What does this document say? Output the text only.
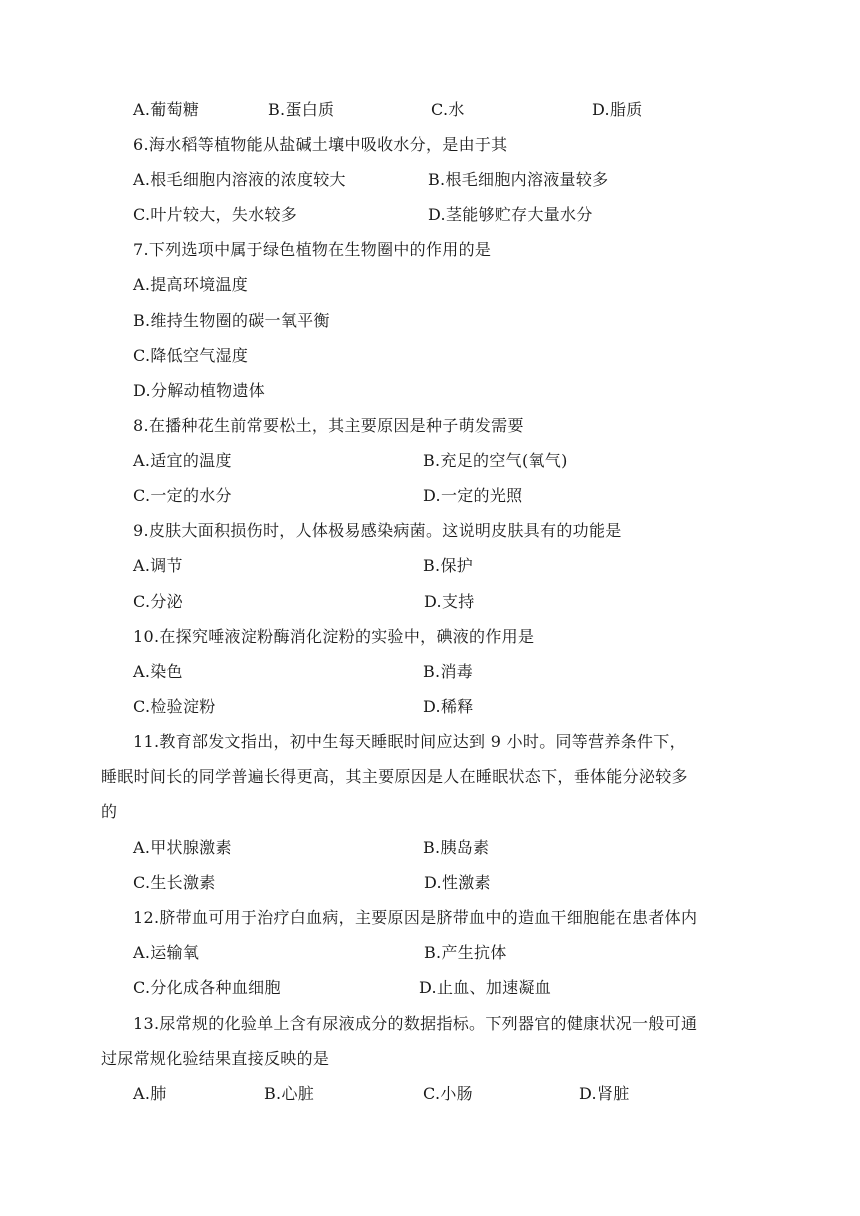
A.葡萄糖	B.蛋白质	C.水	D.脂质
6.海水稻等植物能从盐碱土壤中吸收水分，是由于其
A.根毛细胞内溶液的浓度较大	B.根毛细胞内溶液量较多
C.叶片较大，失水较多	D.茎能够贮存大量水分
7.下列选项中属于绿色植物在生物圈中的作用的是
A.提高环境温度
B.维持生物圈的碳一氧平衡
C.降低空气湿度
D.分解动植物遗体
8.在播种花生前常要松土，其主要原因是种子萌发需要
A.适宜的温度	B.充足的空气(氧气)
C.一定的水分	D.一定的光照
9.皮肤大面积损伤时，人体极易感染病菌。这说明皮肤具有的功能是
A.调节	B.保护
C.分泌	D.支持
10.在探究唾液淀粉酶消化淀粉的实验中，碘液的作用是
A.染色	B.消毒
C.检验淀粉	D.稀释
11.教育部发文指出，初中生每天睡眠时间应达到 9 小时。同等营养条件下，
睡眠时间长的同学普遍长得更高，其主要原因是人在睡眠状态下，垂体能分泌较多
的
A.甲状腺激素	B.胰岛素
C.生长激素	D.性激素
12.脐带血可用于治疗白血病，主要原因是脐带血中的造血干细胞能在患者体内
A.运输氧	B.产生抗体
C.分化成各种血细胞	D.止血、加速凝血
13.尿常规的化验单上含有尿液成分的数据指标。下列器官的健康状况一般可通
过尿常规化验结果直接反映的是
A.肺	B.心脏	C.小肠	D.肾脏
